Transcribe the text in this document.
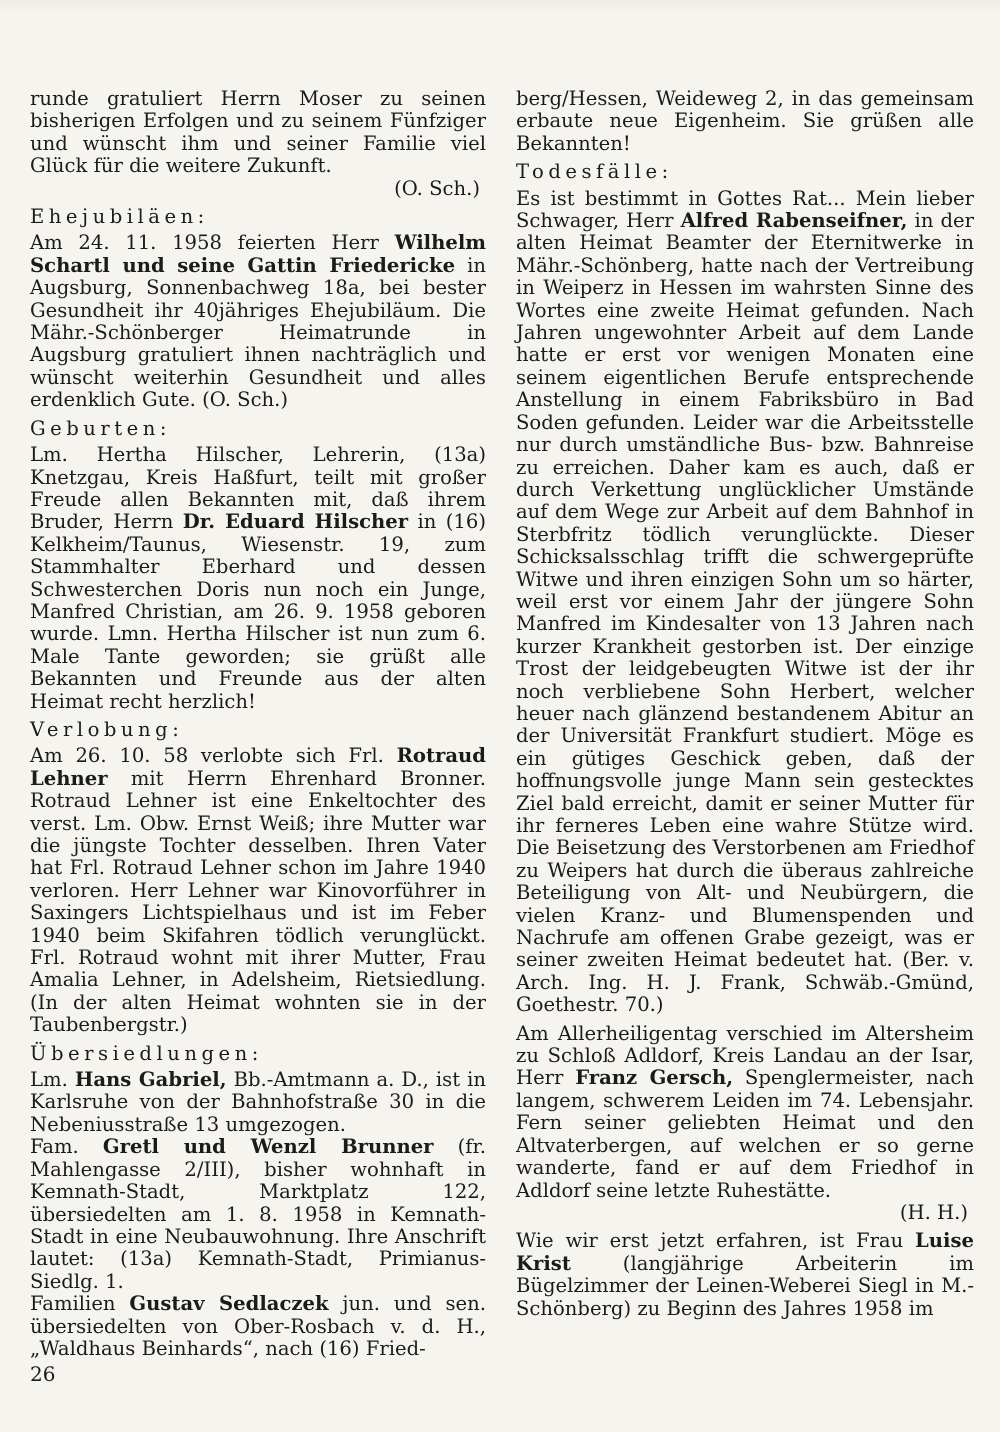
runde gratuliert Herrn Moser zu seinen bisherigen Erfolgen und zu seinem Fünfziger und wünscht ihm und seiner Familie viel Glück für die weitere Zukunft.

(O. Sch.)

Ehejubiläen:

Am 24. 11. 1958 feierten Herr Wilhelm Schartl und seine Gattin Friedericke in Augsburg, Sonnenbachweg 18a, bei bester Gesundheit ihr 40jähriges Ehejubiläum. Die Mähr.-Schönberger Heimatrunde in Augsburg gratuliert ihnen nachträglich und wünscht weiterhin Gesundheit und alles erdenklich Gute. (O. Sch.)

Geburten:

Lm. Hertha Hilscher, Lehrerin, (13a) Knetzgau, Kreis Haßfurt, teilt mit großer Freude allen Bekannten mit, daß ihrem Bruder, Herrn Dr. Eduard Hilscher in (16) Kelkheim/Taunus, Wiesenstr. 19, zum Stammhalter Eberhard und dessen Schwesterchen Doris nun noch ein Junge, Manfred Christian, am 26. 9. 1958 geboren wurde. Lmn. Hertha Hilscher ist nun zum 6. Male Tante geworden; sie grüßt alle Bekannten und Freunde aus der alten Heimat recht herzlich!

Verlobung:

Am 26. 10. 58 verlobte sich Frl. Rotraud Lehner mit Herrn Ehrenhard Bronner. Rotraud Lehner ist eine Enkeltochter des verst. Lm. Obw. Ernst Weiß; ihre Mutter war die jüngste Tochter desselben. Ihren Vater hat Frl. Rotraud Lehner schon im Jahre 1940 verloren. Herr Lehner war Kinovorführer in Saxingers Lichtspielhaus und ist im Feber 1940 beim Skifahren tödlich verunglückt. Frl. Rotraud wohnt mit ihrer Mutter, Frau Amalia Lehner, in Adelsheim, Rietsiedlung. (In der alten Heimat wohnten sie in der Taubenbergstr.)

Übersiedlungen:

Lm. Hans Gabriel, Bb.-Amtmann a. D., ist in Karlsruhe von der Bahnhofstraße 30 in die Nebeniusstraße 13 umgezogen.

Fam. Gretl und Wenzl Brunner (fr. Mahlengasse 2/III), bisher wohnhaft in Kemnath-Stadt, Marktplatz 122, übersiedelten am 1. 8. 1958 in Kemnath-Stadt in eine Neubauwohnung. Ihre Anschrift lautet: (13a) Kemnath-Stadt, Primianus-Siedlg. 1.

Familien Gustav Sedlaczek jun. und sen. übersiedelten von Ober-Rosbach v. d. H., „Waldhaus Beinhards“, nach (16) Fried-

berg/Hessen, Weideweg 2, in das gemeinsam erbaute neue Eigenheim. Sie grüßen alle Bekannten!

Todesfälle:

Es ist bestimmt in Gottes Rat... Mein lieber Schwager, Herr Alfred Rabenseifner, in der alten Heimat Beamter der Eternitwerke in Mähr.-Schönberg, hatte nach der Vertreibung in Weiperz in Hessen im wahrsten Sinne des Wortes eine zweite Heimat gefunden. Nach Jahren ungewohnter Arbeit auf dem Lande hatte er erst vor wenigen Monaten eine seinem eigentlichen Berufe entsprechende Anstellung in einem Fabriksbüro in Bad Soden gefunden. Leider war die Arbeitsstelle nur durch umständliche Bus- bzw. Bahnreise zu erreichen. Daher kam es auch, daß er durch Verkettung unglücklicher Umstände auf dem Wege zur Arbeit auf dem Bahnhof in Sterbfritz tödlich verunglückte. Dieser Schicksalsschlag trifft die schwergeprüfte Witwe und ihren einzigen Sohn um so härter, weil erst vor einem Jahr der jüngere Sohn Manfred im Kindesalter von 13 Jahren nach kurzer Krankheit gestorben ist. Der einzige Trost der leidgebeugten Witwe ist der ihr noch verbliebene Sohn Herbert, welcher heuer nach glänzend bestandenem Abitur an der Universität Frankfurt studiert. Möge es ein gütiges Geschick geben, daß der hoffnungsvolle junge Mann sein gestecktes Ziel bald erreicht, damit er seiner Mutter für ihr ferneres Leben eine wahre Stütze wird. Die Beisetzung des Verstorbenen am Friedhof zu Weipers hat durch die überaus zahlreiche Beteiligung von Alt- und Neubürgern, die vielen Kranz- und Blumenspenden und Nachrufe am offenen Grabe gezeigt, was er seiner zweiten Heimat bedeutet hat. (Ber. v. Arch. Ing. H. J. Frank, Schwäb.-Gmünd, Goethestr. 70.)

Am Allerheiligentag verschied im Altersheim zu Schloß Adldorf, Kreis Landau an der Isar, Herr Franz Gersch, Spenglermeister, nach langem, schwerem Leiden im 74. Lebensjahr. Fern seiner geliebten Heimat und den Altvaterbergen, auf welchen er so gerne wanderte, fand er auf dem Friedhof in Adldorf seine letzte Ruhestätte.

(H. H.)

Wie wir erst jetzt erfahren, ist Frau Luise Krist (langjährige Arbeiterin im Bügelzimmer der Leinen-Weberei Siegl in M.-Schönberg) zu Beginn des Jahres 1958 im

26
